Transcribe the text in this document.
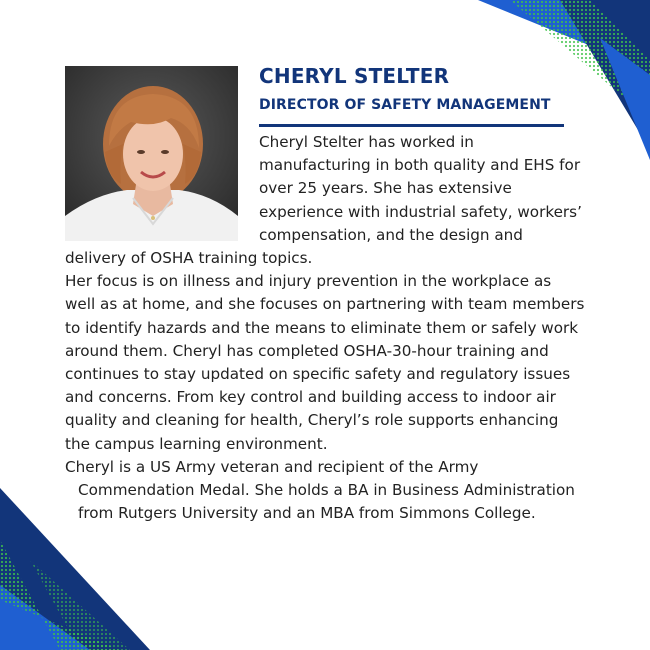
CHERYL STELTER
DIRECTOR OF SAFETY MANAGEMENT

Cheryl Stelter has worked in manufacturing in both quality and EHS for over 25 years. She has extensive experience with industrial safety, workers’ compensation, and the design and delivery of OSHA training topics.

Her focus is on illness and injury prevention in the workplace as well as at home, and she focuses on partnering with team members to identify hazards and the means to eliminate them or safely work around them. Cheryl has completed OSHA-30-hour training and continues to stay updated on specific safety and regulatory issues and concerns. From key control and building access to indoor air quality and cleaning for health, Cheryl’s role supports enhancing the campus learning environment.

Cheryl is a US Army veteran and recipient of the Army Commendation Medal. She holds a BA in Business Administration from Rutgers University and an MBA from Simmons College.
